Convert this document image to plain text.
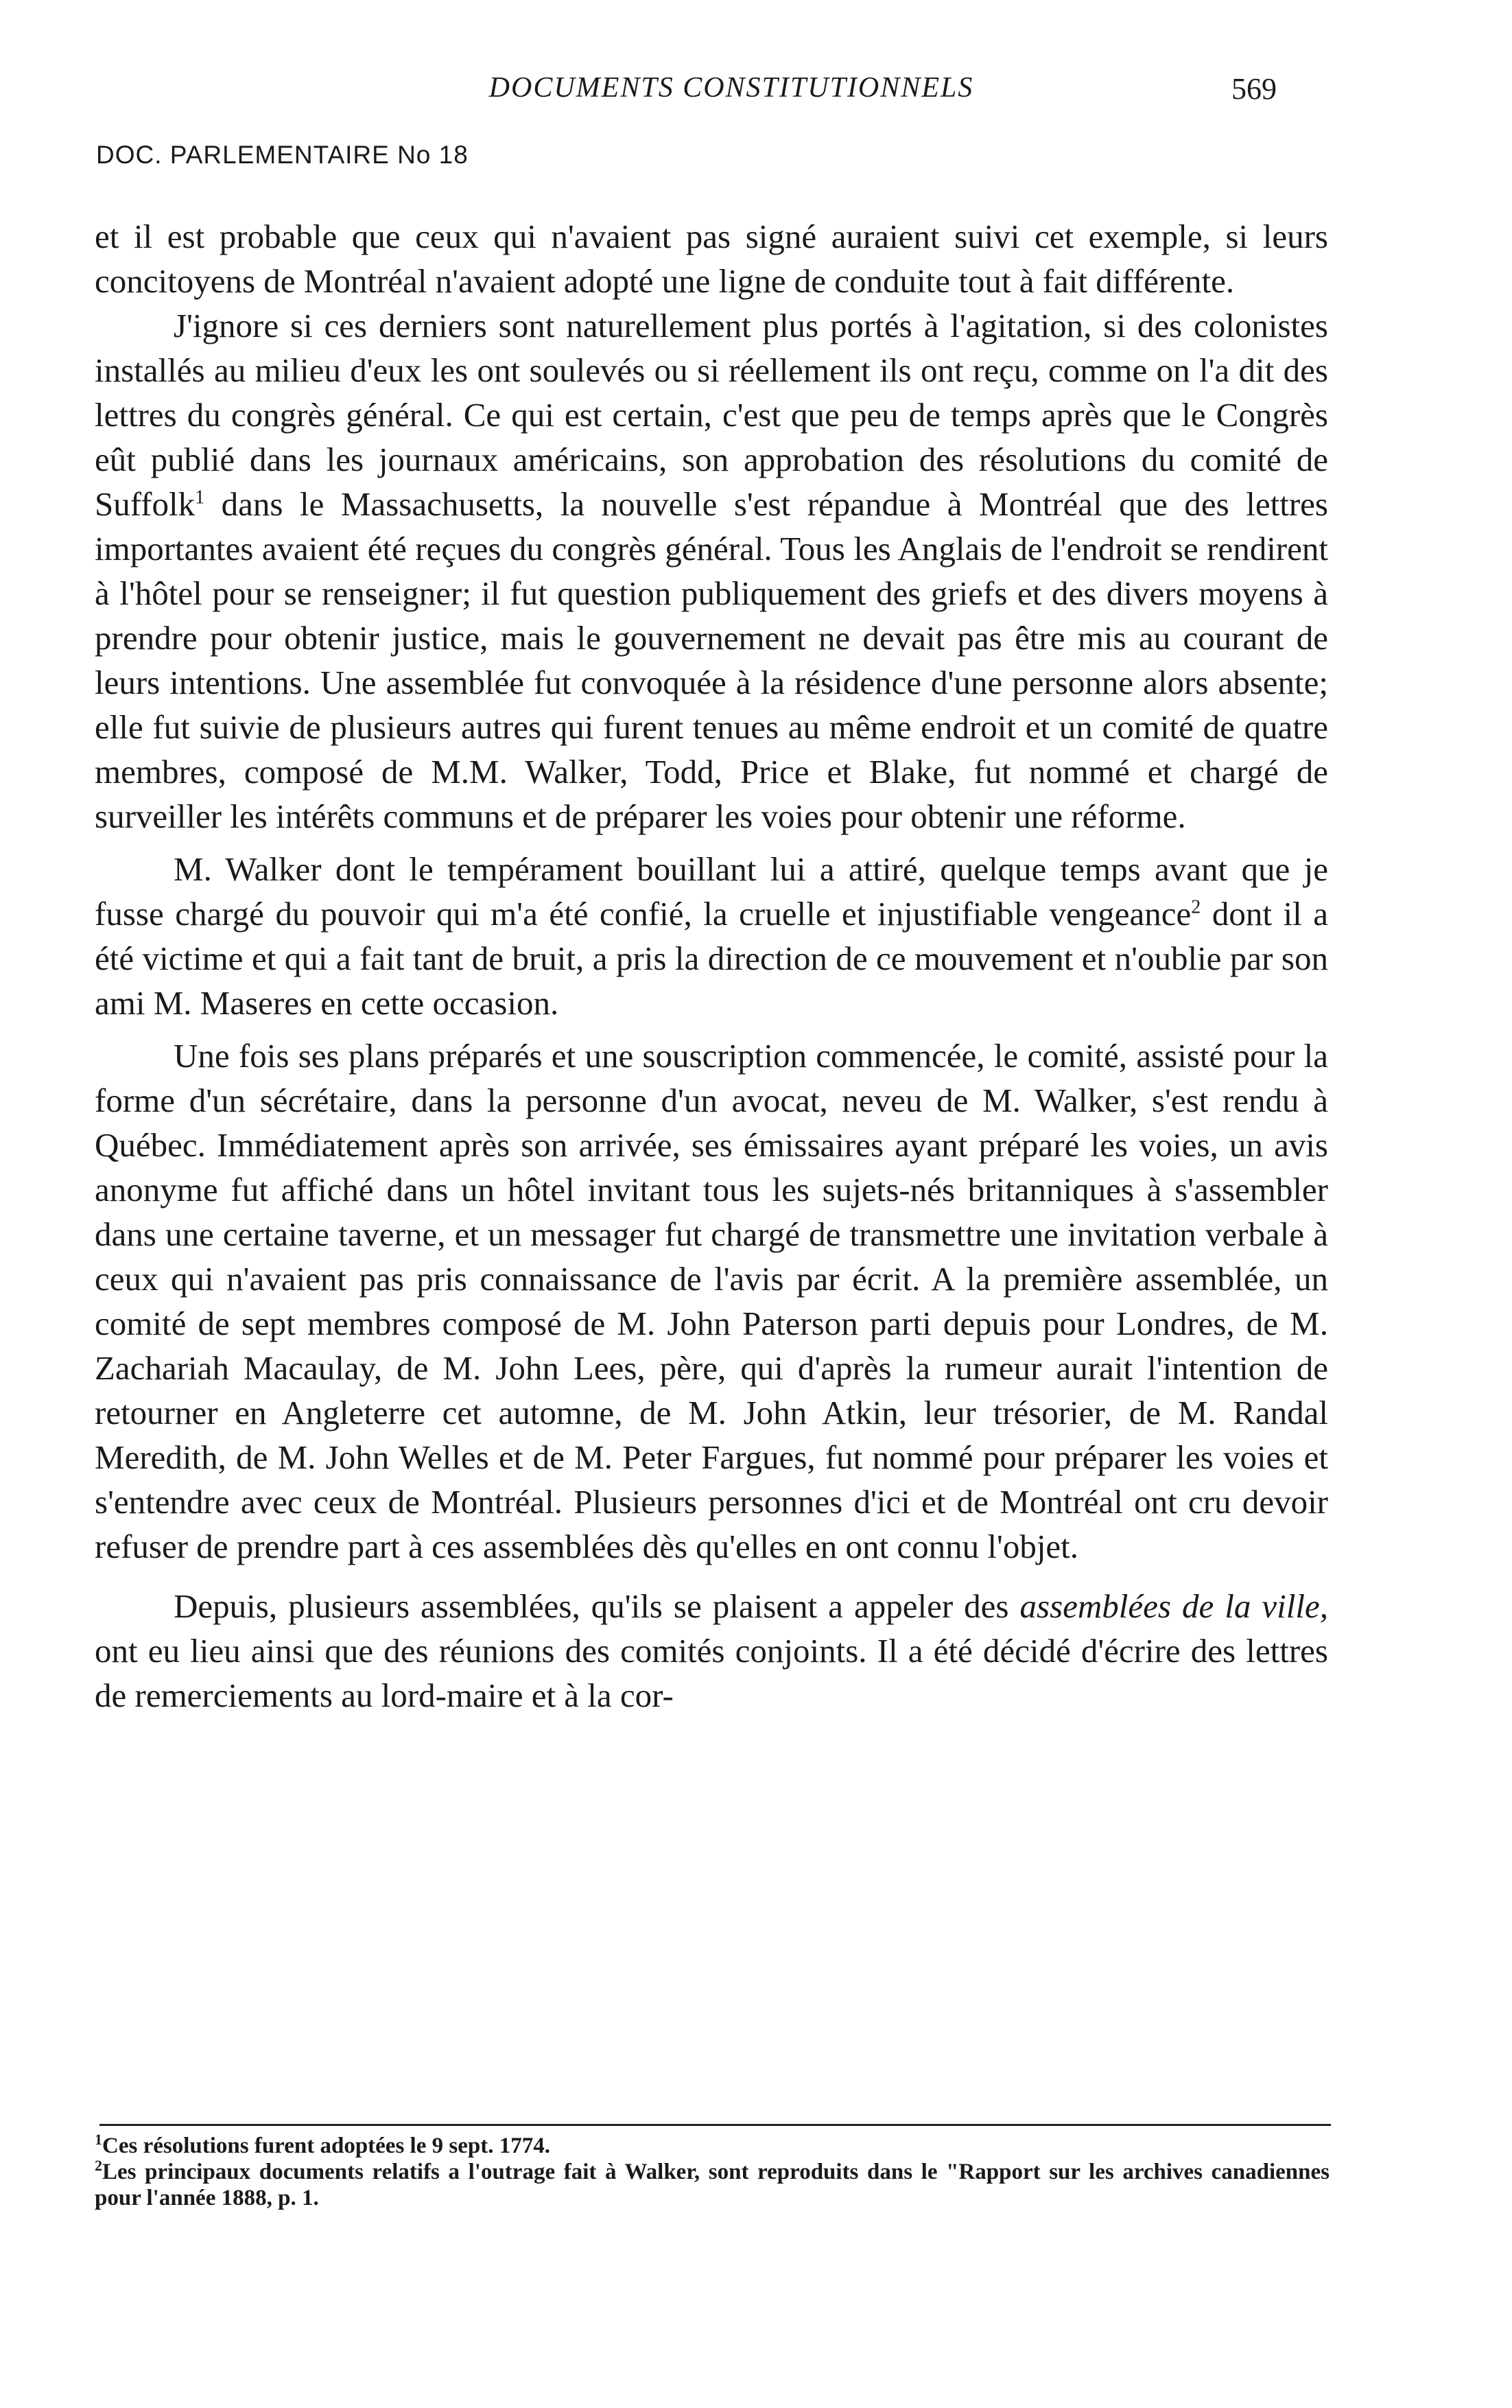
DOCUMENTS CONSTITUTIONNELS	569
DOC. PARLEMENTAIRE No 18

et il est probable que ceux qui n'avaient pas signé auraient suivi cet exemple, si leurs concitoyens de Montréal n'avaient adopté une ligne de conduite tout à fait différente.

J'ignore si ces derniers sont naturellement plus portés à l'agitation, si des colonistes installés au milieu d'eux les ont soulevés ou si réellement ils ont reçu, comme on l'a dit des lettres du congrès général. Ce qui est certain, c'est que peu de temps après que le Congrès eût publié dans les journaux américains, son approbation des résolutions du comité de Suffolk$^1$ dans le Massachusetts, la nouvelle s'est répandue à Montréal que des lettres importantes avaient été reçues du congrès général. Tous les Anglais de l'endroit se rendirent à l'hôtel pour se renseigner; il fut question publiquement des griefs et des divers moyens à prendre pour obtenir justice, mais le gouvernement ne devait pas être mis au courant de leurs intentions. Une assemblée fut convoquée à la résidence d'une personne alors absente; elle fut suivie de plusieurs autres qui furent tenues au même endroit et un comité de quatre membres, composé de M.M. Walker, Todd, Price et Blake, fut nommé et chargé de surveiller les intérêts communs et de préparer les voies pour obtenir une réforme.

M. Walker dont le tempérament bouillant lui a attiré, quelque temps avant que je fusse chargé du pouvoir qui m'a été confié, la cruelle et injustifiable vengeance$^2$ dont il a été victime et qui a fait tant de bruit, a pris la direction de ce mouvement et n'oublie par son ami M. Maseres en cette occasion.

Une fois ses plans préparés et une souscription commencée, le comité, assisté pour la forme d'un sécrétaire, dans la personne d'un avocat, neveu de M. Walker, s'est rendu à Québec. Immédiatement après son arrivée, ses émissaires ayant préparé les voies, un avis anonyme fut affiché dans un hôtel invitant tous les sujets-nés britanniques à s'assembler dans une certaine taverne, et un messager fut chargé de transmettre une invitation verbale à ceux qui n'avaient pas pris connaissance de l'avis par écrit. A la première assemblée, un comité de sept membres composé de M. John Paterson parti depuis pour Londres, de M. Zachariah Macaulay, de M. John Lees, père, qui d'après la rumeur aurait l'intention de retourner en Angleterre cet automne, de M. John Atkin, leur trésorier, de M. Randal Meredith, de M. John Welles et de M. Peter Fargues, fut nommé pour préparer les voies et s'entendre avec ceux de Montréal. Plusieurs personnes d'ici et de Montréal ont cru devoir refuser de prendre part à ces assemblées dès qu'elles en ont connu l'objet.

Depuis, plusieurs assemblées, qu'ils se plaisent a appeler des assemblées de la ville, ont eu lieu ainsi que des réunions des comités conjoints. Il a été décidé d'écrire des lettres de remerciements au lord-maire et à la cor-

$^1$Ces résolutions furent adoptées le 9 sept. 1774.

$^2$Les principaux documents relatifs a l'outrage fait à Walker, sont reproduits dans le "Rapport sur les archives canadiennes pour l'année 1888, p. 1.
